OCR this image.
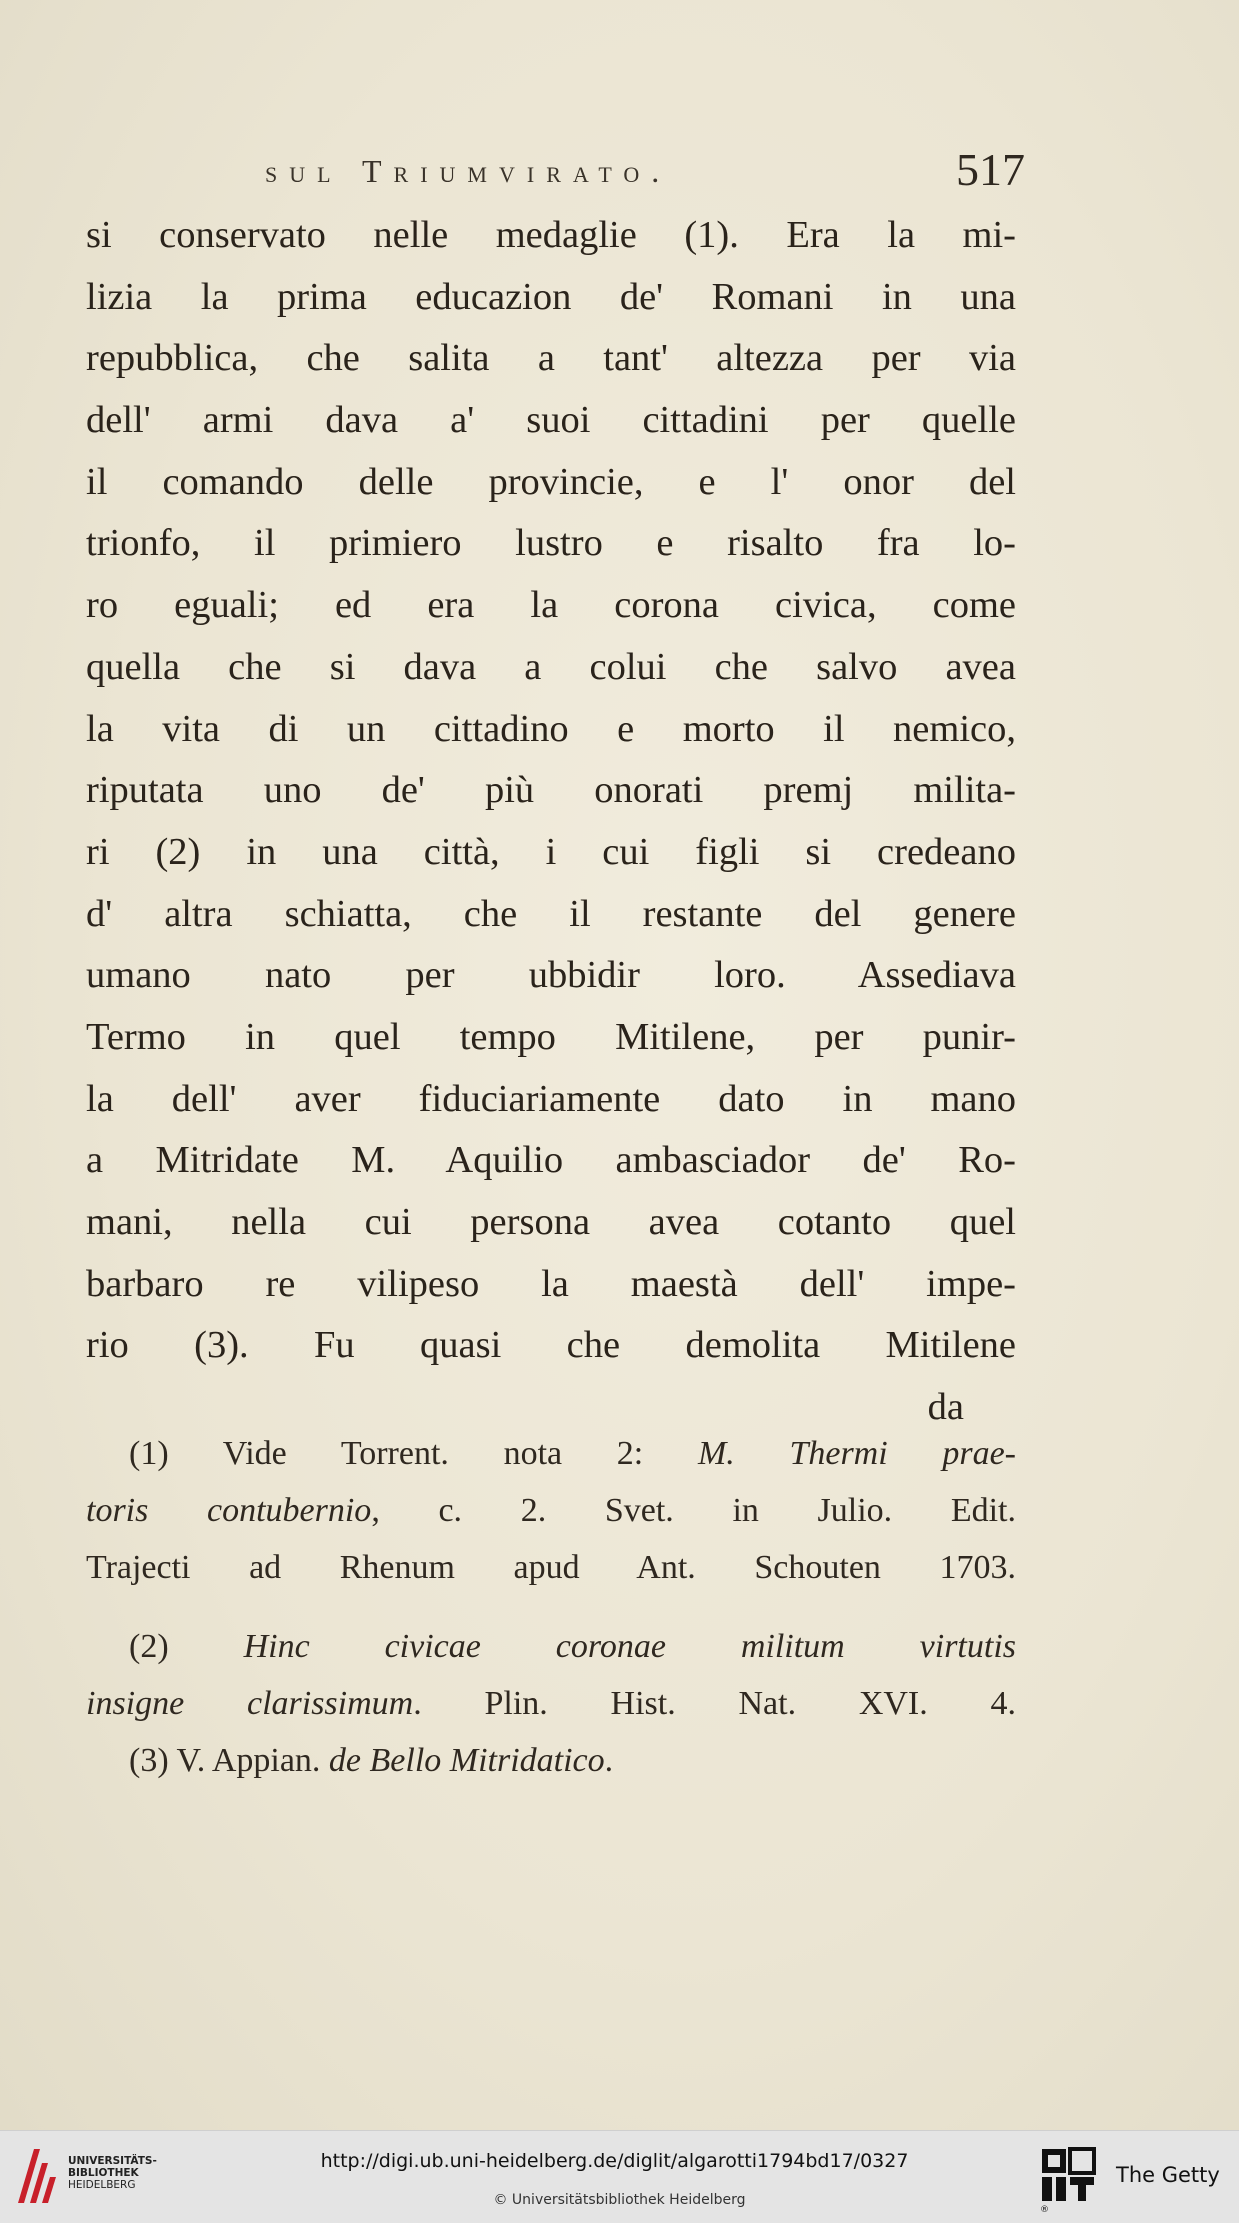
sul Triumvirato.	517
si conservato nelle medaglie (1). Era la mi-
lizia la prima educazion de' Romani in una
repubblica, che salita a tant' altezza per via
dell' armi dava a' suoi cittadini per quelle
il comando delle provincie, e l' onor del
trionfo, il primiero lustro e risalto fra lo-
ro eguali; ed era la corona civica, come
quella che si dava a colui che salvo avea
la vita di un cittadino e morto il nemico,
riputata uno de' più onorati premj milita-
ri (2) in una città, i cui figli si credeano
d' altra schiatta, che il restante del genere
umano nato per ubbidir loro. Assediava
Termo in quel tempo Mitilene, per punir-
la dell' aver fiduciariamente dato in mano
a Mitridate M. Aquilio ambasciador de' Ro-
mani, nella cui persona avea cotanto quel
barbaro re vilipeso la maestà dell' impe-
rio (3). Fu quasi che demolita Mitilene
da
(1) Vide Torrent. nota 2: M. Thermi prae-
toris contubernio, c. 2. Svet. in Julio. Edit.
Trajecti ad Rhenum apud Ant. Schouten 1703.
(2) Hinc civicae coronae militum virtutis
insigne clarissimum. Plin. Hist. Nat. XVI. 4.
(3) V. Appian. de Bello Mitridatico.
UNIVERSITÄTS-
BIBLIOTHEK
HEIDELBERG
http://digi.ub.uni-heidelberg.de/diglit/algarotti1794bd17/0327
© Universitätsbibliothek Heidelberg
®
The Getty
